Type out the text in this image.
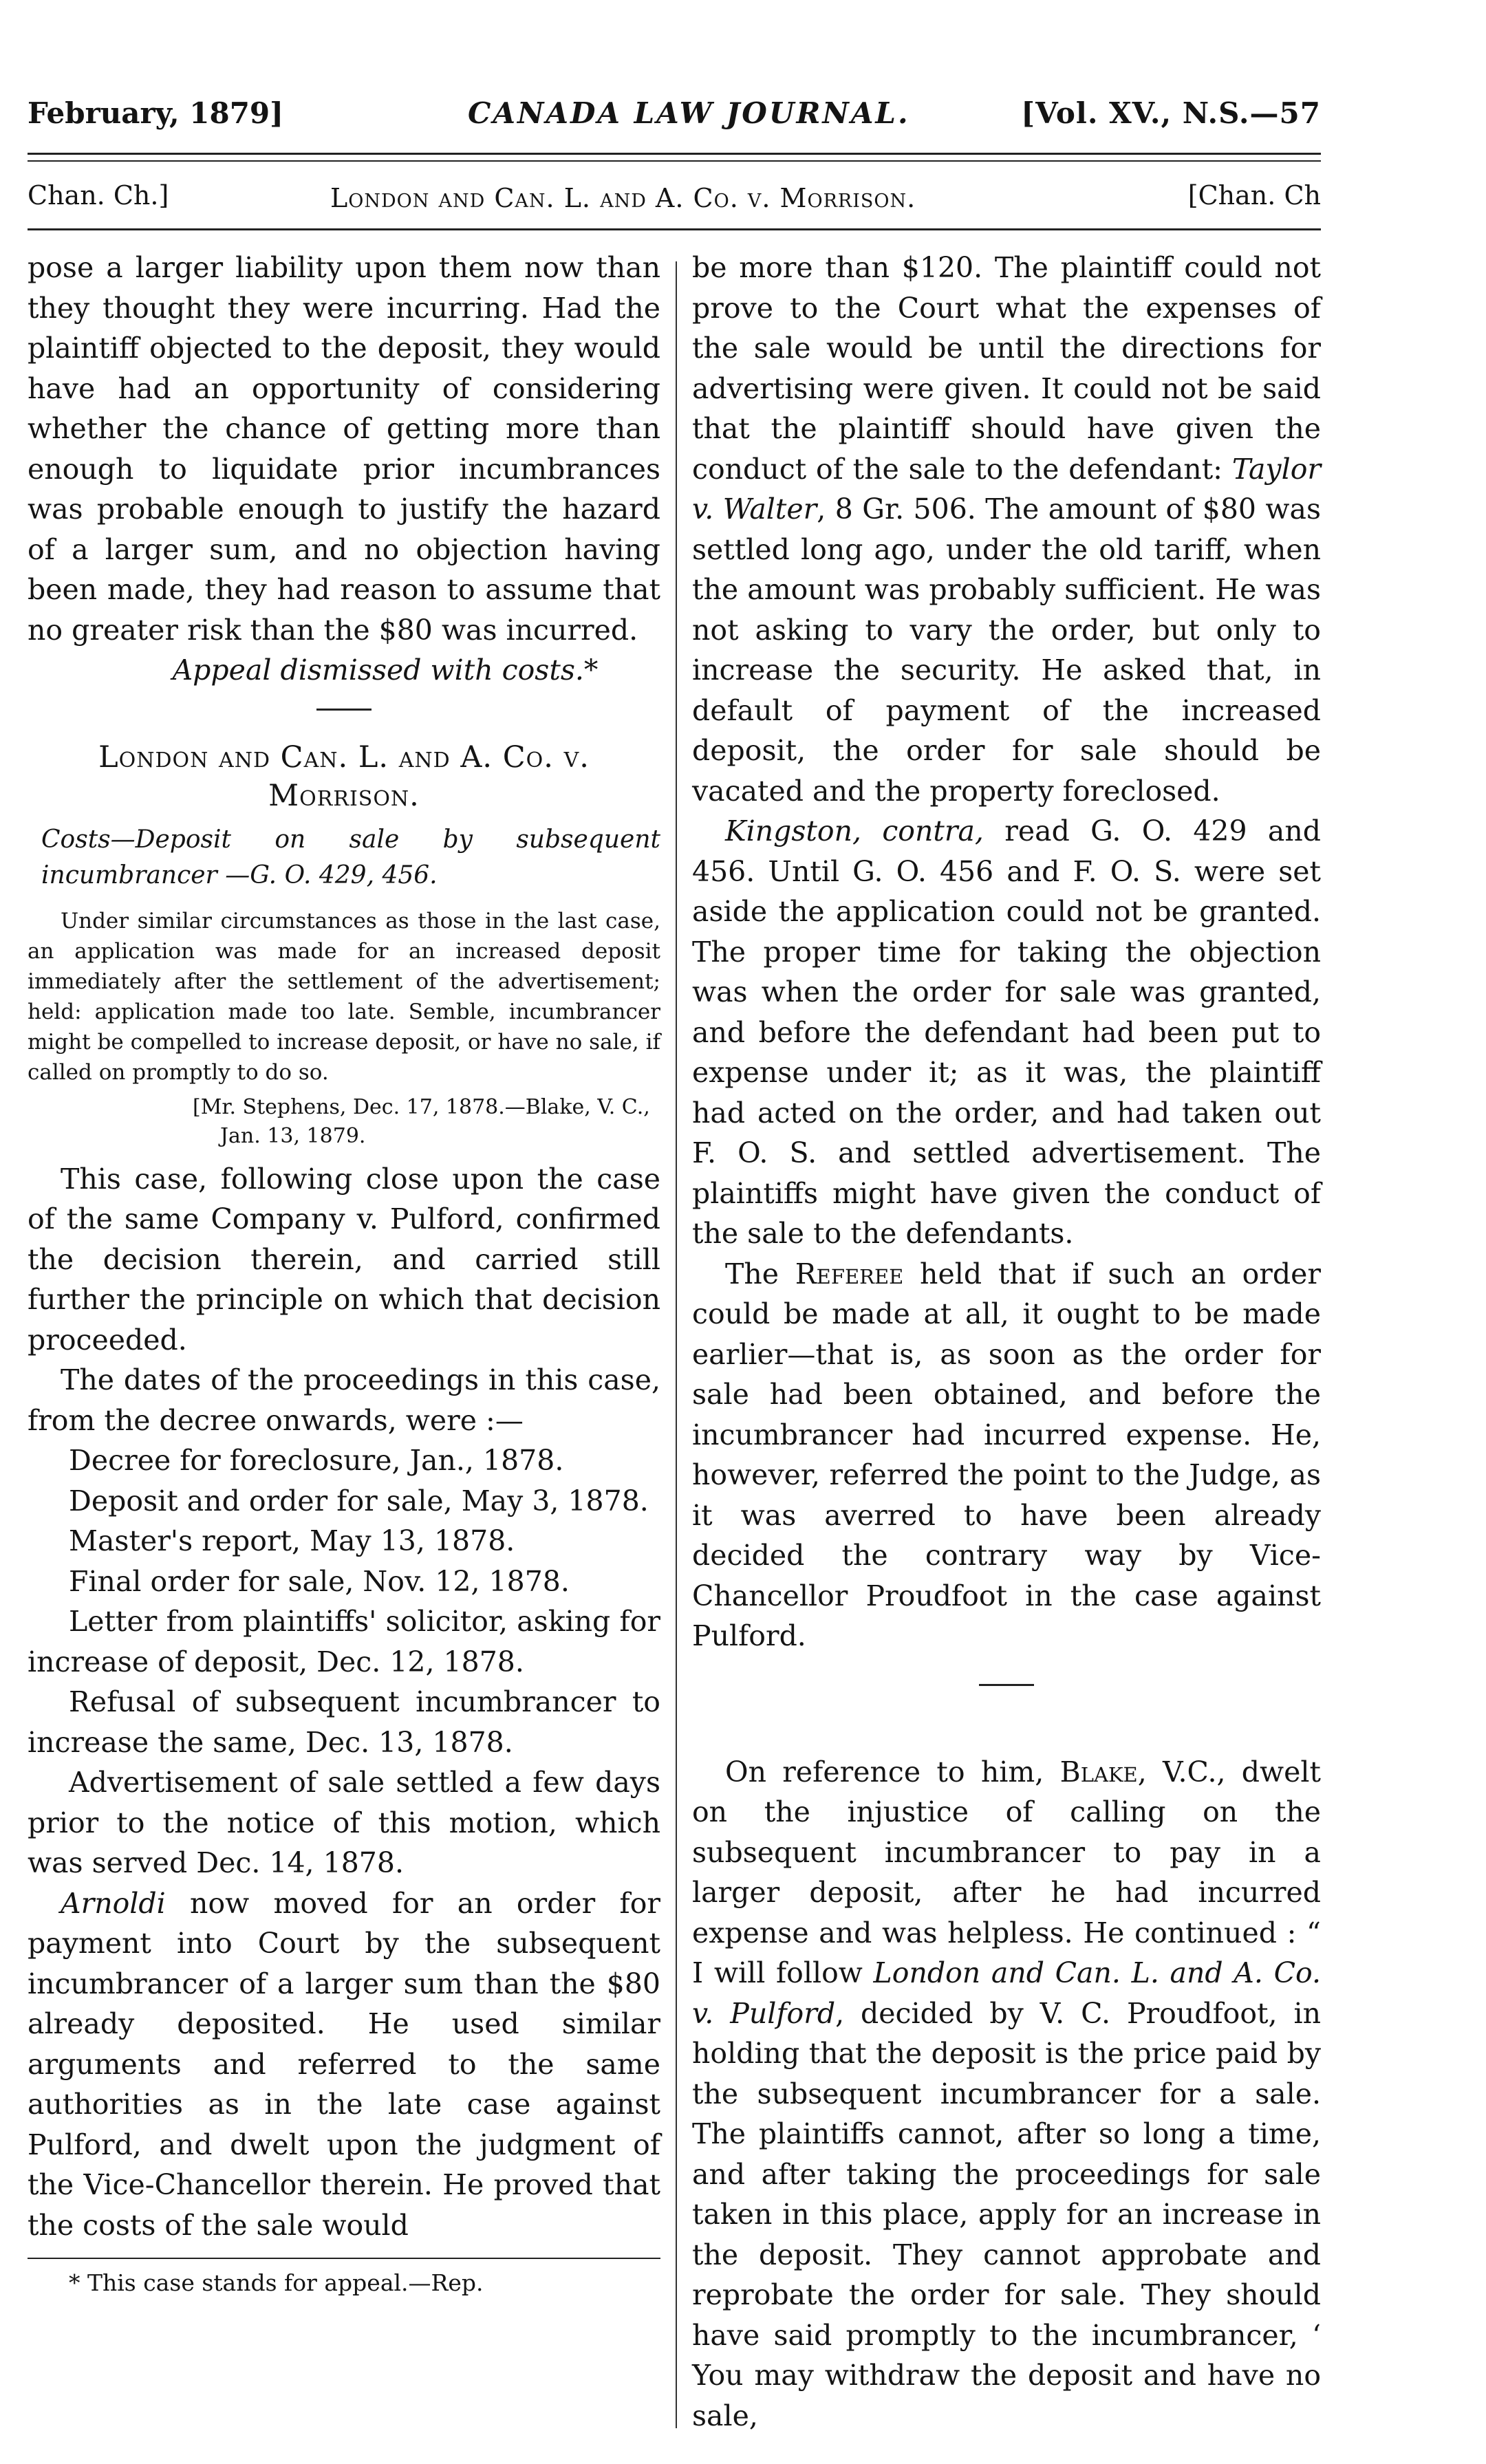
February, 1879]	CANADA LAW JOURNAL.	[Vol. XV., N.S.—57
Chan. Ch.]	London and Can. L. and A. Co. v. Morrison.	[Chan. Ch

pose a larger liability upon them now than they thought they were incurring. Had the plaintiff objected to the deposit, they would have had an opportunity of considering whether the chance of getting more than enough to liquidate prior incumbrances was probable enough to justify the hazard of a larger sum, and no objection having been made, they had reason to assume that no greater risk than the $80 was incurred.

Appeal dismissed with costs.*

London and Can. L. and A. Co. v.
Morrison.

Costs—Deposit on sale by subsequent incumbrancer —G. O. 429, 456.

Under similar circumstances as those in the last case, an application was made for an increased deposit immediately after the settlement of the advertisement; held: application made too late. Semble, incumbrancer might be compelled to increase deposit, or have no sale, if called on promptly to do so.

[Mr. Stephens, Dec. 17, 1878.—Blake, V. C.,
Jan. 13, 1879.

This case, following close upon the case of the same Company v. Pulford, confirmed the decision therein, and carried still further the principle on which that decision proceeded.

The dates of the proceedings in this case, from the decree onwards, were :—

Decree for foreclosure, Jan., 1878.

Deposit and order for sale, May 3, 1878.

Master's report, May 13, 1878.

Final order for sale, Nov. 12, 1878.

Letter from plaintiffs' solicitor, asking for increase of deposit, Dec. 12, 1878.

Refusal of subsequent incumbrancer to increase the same, Dec. 13, 1878.

Advertisement of sale settled a few days prior to the notice of this motion, which was served Dec. 14, 1878.

Arnoldi now moved for an order for payment into Court by the subsequent incumbrancer of a larger sum than the $80 already deposited. He used similar arguments and referred to the same authorities as in the late case against Pulford, and dwelt upon the judgment of the Vice-Chancellor therein. He proved that the costs of the sale would

* This case stands for appeal.—Rep.

be more than $120. The plaintiff could not prove to the Court what the expenses of the sale would be until the directions for advertising were given. It could not be said that the plaintiff should have given the conduct of the sale to the defendant: Taylor v. Walter, 8 Gr. 506. The amount of $80 was settled long ago, under the old tariff, when the amount was probably sufficient. He was not asking to vary the order, but only to increase the security. He asked that, in default of payment of the increased deposit, the order for sale should be vacated and the property foreclosed.

Kingston, contra, read G. O. 429 and 456. Until G. O. 456 and F. O. S. were set aside the application could not be granted. The proper time for taking the objection was when the order for sale was granted, and before the defendant had been put to expense under it; as it was, the plaintiff had acted on the order, and had taken out F. O. S. and settled advertisement. The plaintiffs might have given the conduct of the sale to the defendants.

The Referee held that if such an order could be made at all, it ought to be made earlier—that is, as soon as the order for sale had been obtained, and before the incumbrancer had incurred expense. He, however, referred the point to the Judge, as it was averred to have been already decided the contrary way by Vice-Chancellor Proudfoot in the case against Pulford.

On reference to him, Blake, V.C., dwelt on the injustice of calling on the subsequent incumbrancer to pay in a larger deposit, after he had incurred expense and was helpless. He continued : “ I will follow London and Can. L. and A. Co. v. Pulford, decided by V. C. Proudfoot, in holding that the deposit is the price paid by the subsequent incumbrancer for a sale. The plaintiffs cannot, after so long a time, and after taking the proceedings for sale taken in this place, apply for an increase in the deposit. They cannot approbate and reprobate the order for sale. They should have said promptly to the incumbrancer, ‘ You may withdraw the deposit and have no sale,
